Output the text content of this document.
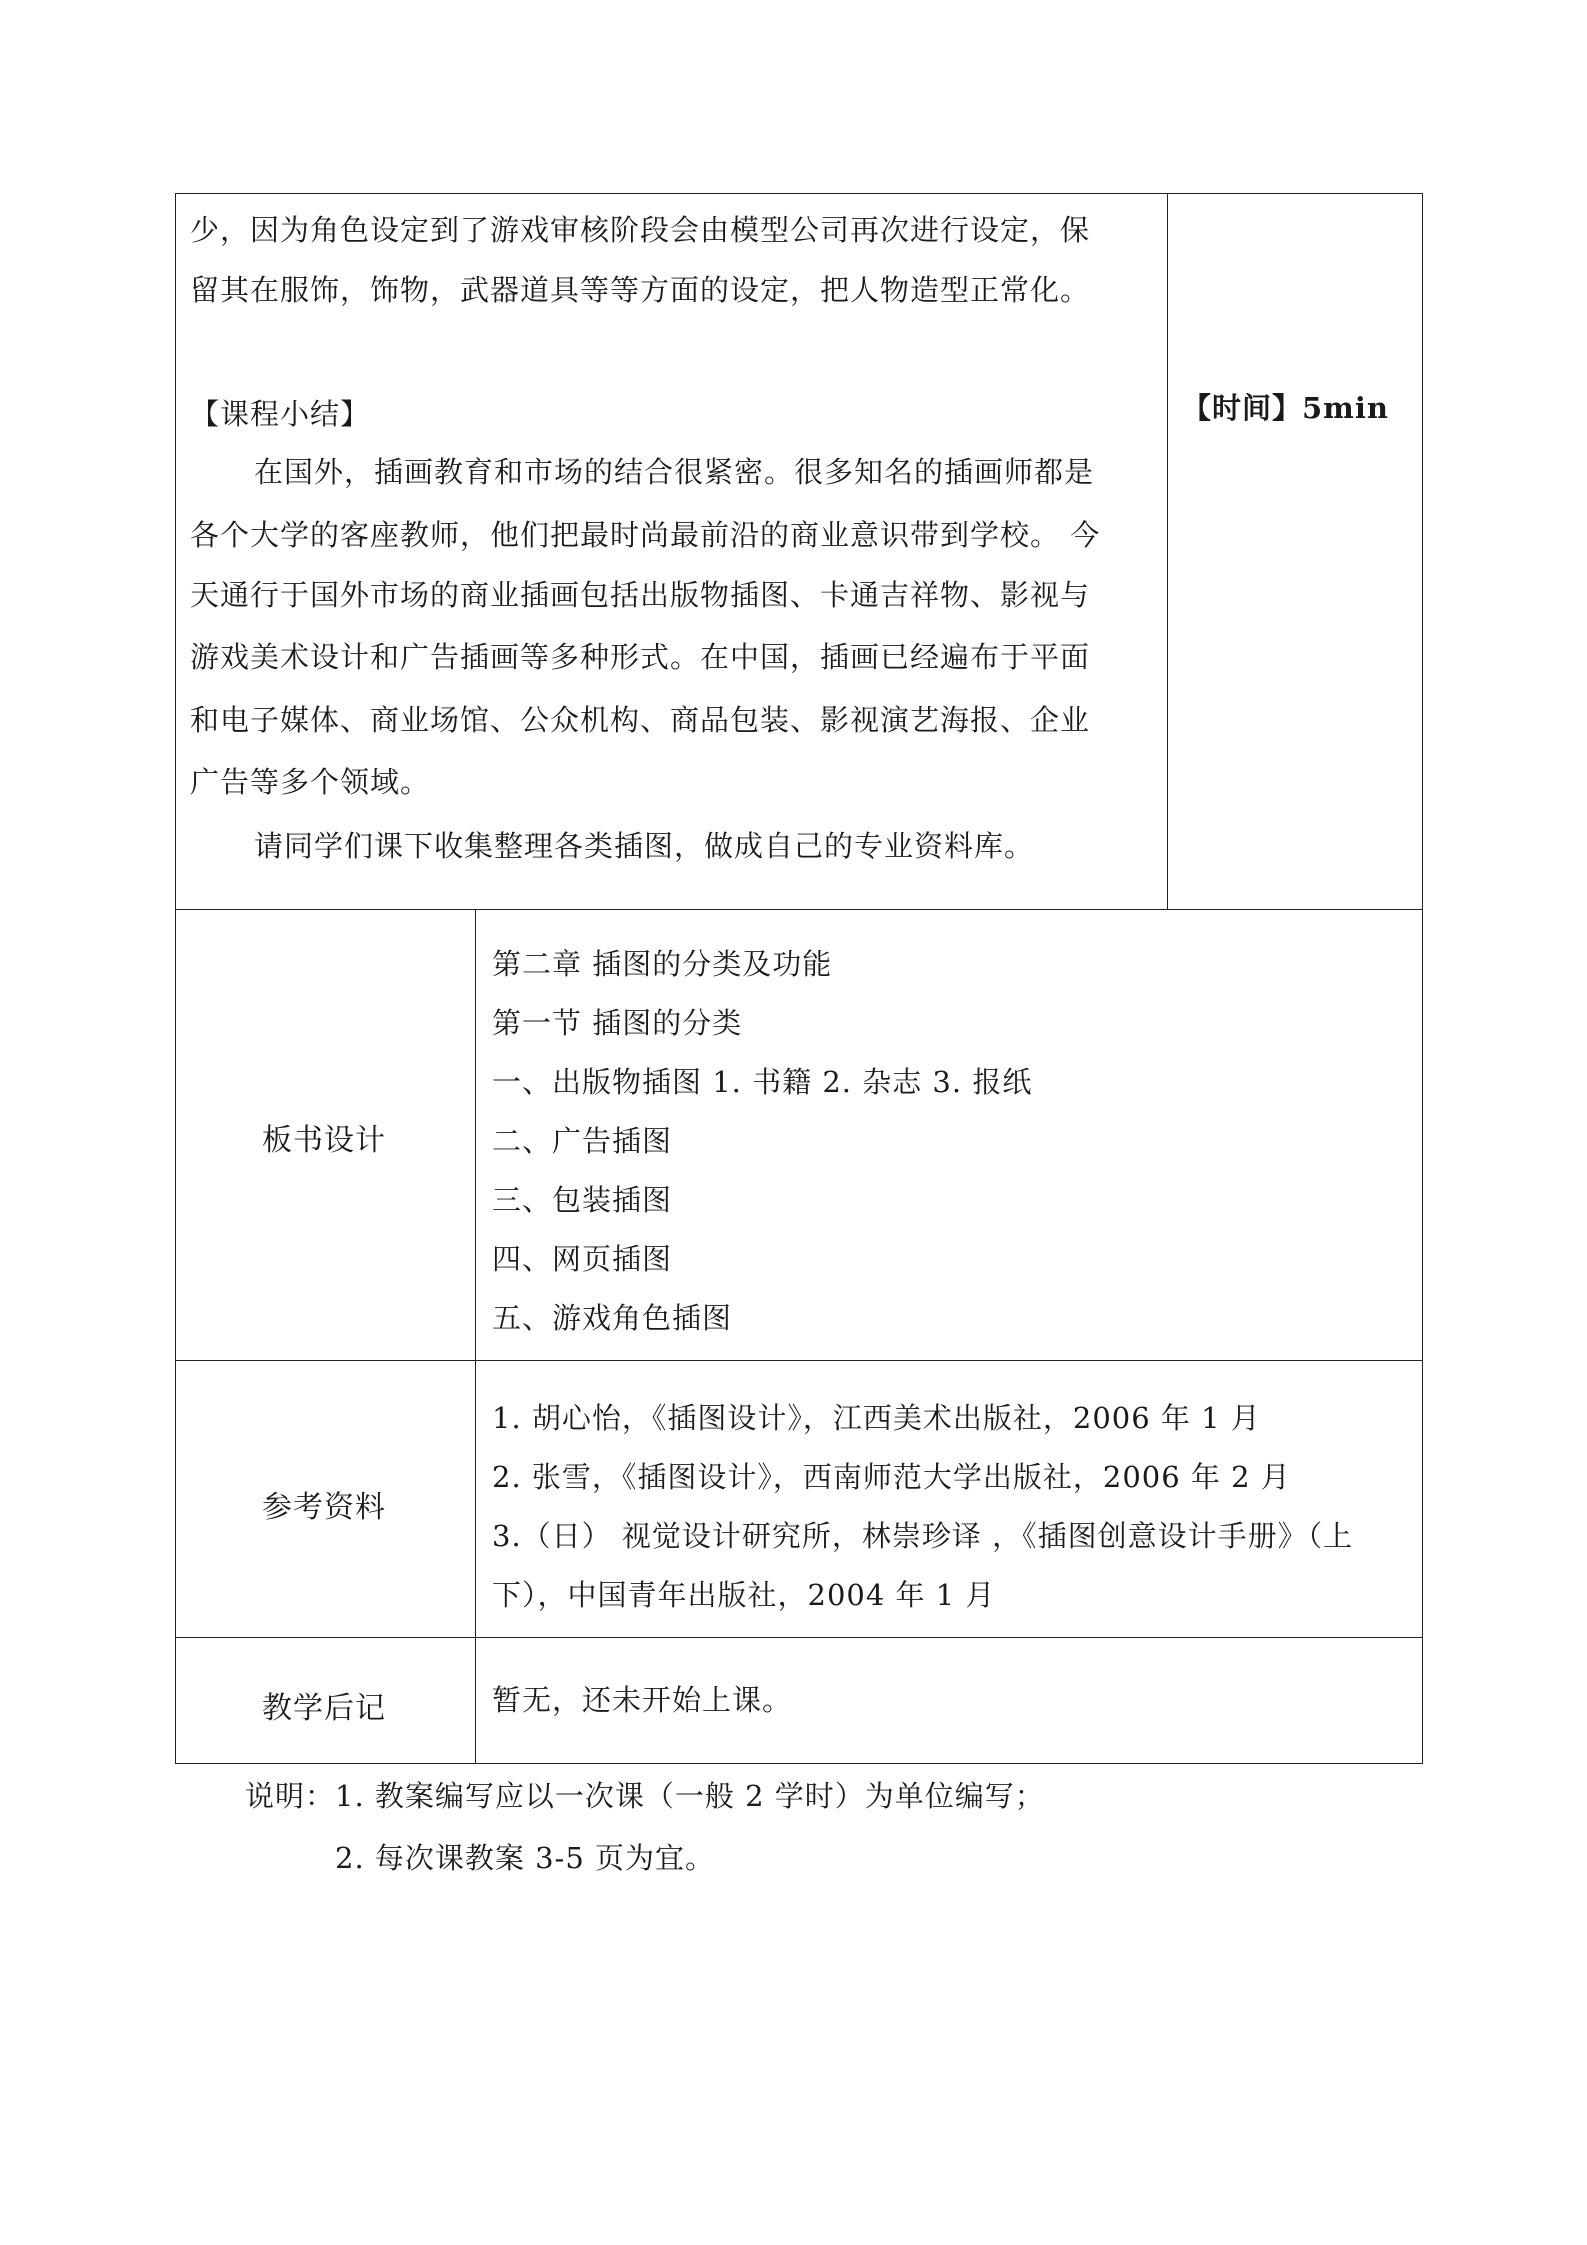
少，因为角色设定到了游戏审核阶段会由模型公司再次进行设定，保
留其在服饰，饰物，武器道具等等方面的设定，把人物造型正常化。
【课程小结】	【时间】5min
在国外，插画教育和市场的结合很紧密。很多知名的插画师都是
各个大学的客座教师，他们把最时尚最前沿的商业意识带到学校。 今
天通行于国外市场的商业插画包括出版物插图、卡通吉祥物、影视与
游戏美术设计和广告插画等多种形式。在中国，插画已经遍布于平面
和电子媒体、商业场馆、公众机构、商品包装、影视演艺海报、企业
广告等多个领域。
请同学们课下收集整理各类插图，做成自己的专业资料库。
板书设计
第二章 插图的分类及功能
第一节 插图的分类
一、出版物插图 1. 书籍 2. 杂志 3. 报纸
二、广告插图
三、包装插图
四、网页插图
五、游戏角色插图
参考资料
1. 胡心怡，《插图设计》，江西美术出版社，2006 年 1 月
2. 张雪，《插图设计》，西南师范大学出版社，2006 年 2 月
3.（日） 视觉设计研究所，林崇珍译 ，《插图创意设计手册》（上
下），中国青年出版社，2004 年 1 月
教学后记	暂无，还未开始上课。
说明：1. 教案编写应以一次课（一般 2 学时）为单位编写；
2. 每次课教案 3-5 页为宜。
